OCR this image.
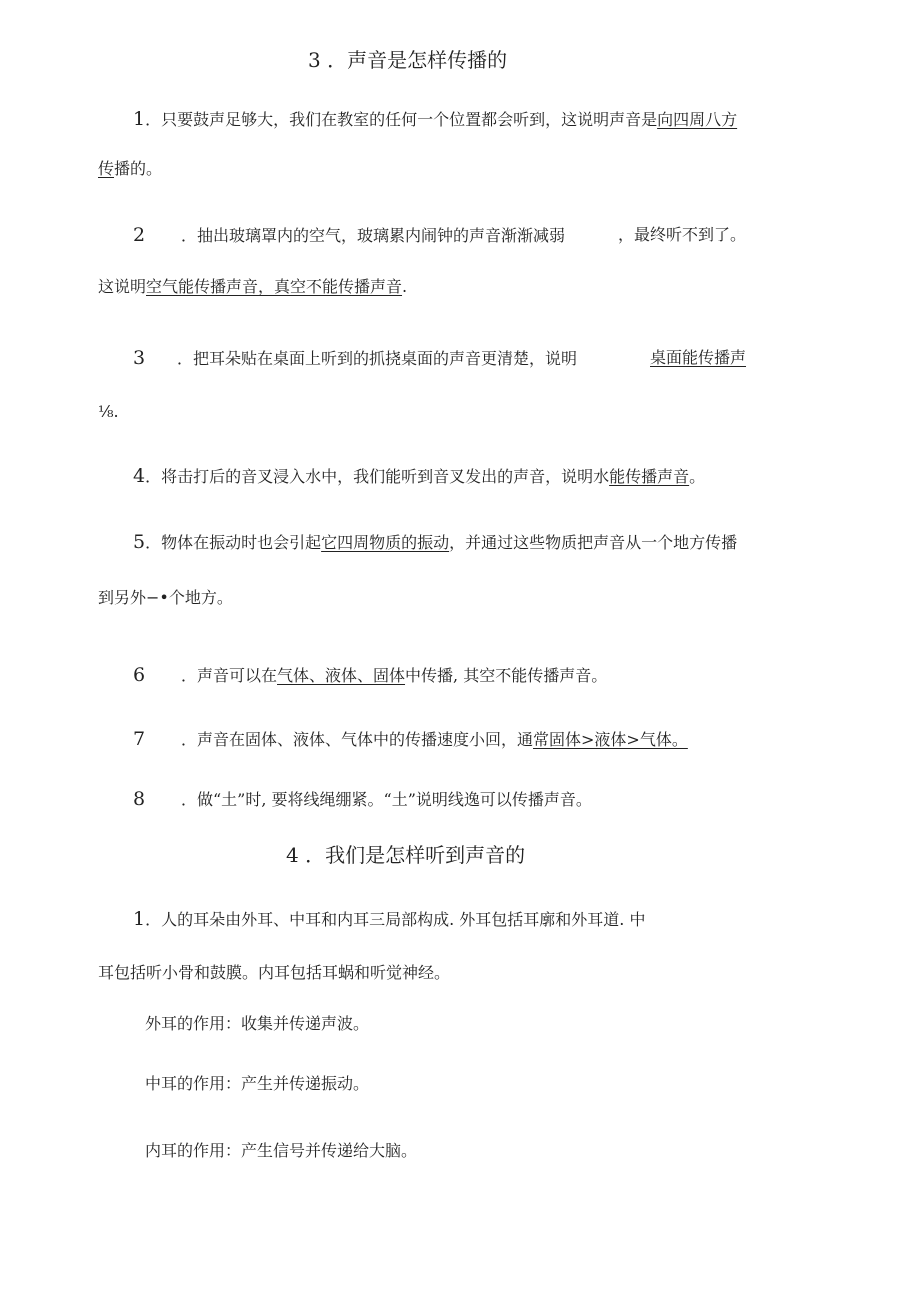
3 ．声音是怎样传播的
1．只要鼓声足够大，我们在教室的任何一个位置都会听到，这说明声音是向四周八方
传播的。
2 ．抽出玻璃罩内的空气，玻璃累内闹钟的声音渐渐减弱	，最终听不到了。
这说明空气能传播声音，真空不能传播声音.
3 ．把耳朵贴在桌面上听到的抓挠桌面的声音更清楚，说明	桌面能传播声
⅛.
4．将击打后的音叉浸入水中，我们能听到音叉发出的声音，说明水能传播声音。
5．物体在振动时也会引起它四周物质的振动，并通过这些物质把声音从一个地方传播
到另外−•个地方。
6 ．声音可以在气体、液体、固体中传播, 其空不能传播声音。
7 ．声音在固体、液体、气体中的传播速度小回，通常固体>液体>气体。
8 ．做“土”时, 要将线绳绷紧。“土”说明线逸可以传播声音。
4 ．我们是怎样听到声音的
1．人的耳朵由外耳、中耳和内耳三局部构成. 外耳包括耳廓和外耳道. 中
耳包括听小骨和鼓膜。内耳包括耳蜗和听觉神经。
外耳的作用：收集并传递声波。
中耳的作用：产生并传递振动。
内耳的作用：产生信号并传递给大脑。
